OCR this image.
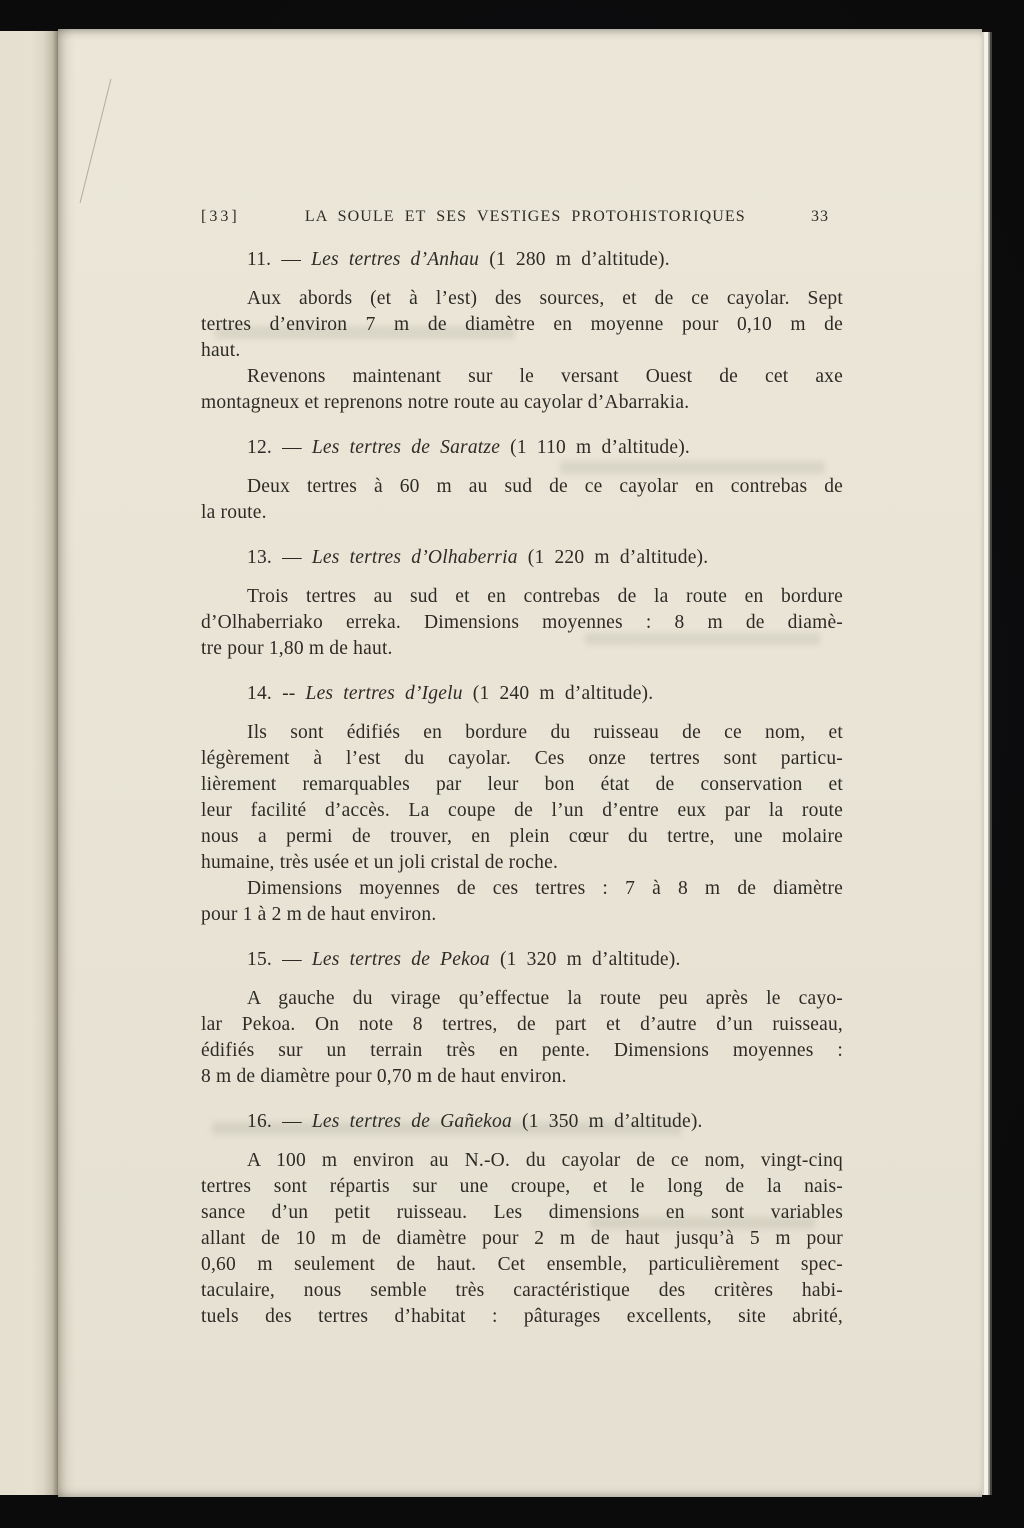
[33]	LA SOULE ET SES VESTIGES PROTOHISTORIQUES	33
11. — Les tertres d’Anhau (1 280 m d’altitude).

Aux abords (et à l’est) des sources, et de ce cayolar. Sept
tertres d’environ 7 m de diamètre en moyenne pour 0,10 m de
haut.

Revenons maintenant sur le versant Ouest de cet axe
montagneux et reprenons notre route au cayolar d’Abarrakia.

12. — Les tertres de Saratze (1 110 m d’altitude).

Deux tertres à 60 m au sud de ce cayolar en contrebas de
la route.

13. — Les tertres d’Olhaberria (1 220 m d’altitude).

Trois tertres au sud et en contrebas de la route en bordure
d’Olhaberriako erreka. Dimensions moyennes : 8 m de diamè-
tre pour 1,80 m de haut.

14. -- Les tertres d’Igelu (1 240 m d’altitude).

Ils sont édifiés en bordure du ruisseau de ce nom, et
légèrement à l’est du cayolar. Ces onze tertres sont particu-
lièrement remarquables par leur bon état de conservation et
leur facilité d’accès. La coupe de l’un d’entre eux par la route
nous a permi de trouver, en plein cœur du tertre, une molaire
humaine, très usée et un joli cristal de roche.

Dimensions moyennes de ces tertres : 7 à 8 m de diamètre
pour 1 à 2 m de haut environ.

15. — Les tertres de Pekoa (1 320 m d’altitude).

A gauche du virage qu’effectue la route peu après le cayo-
lar Pekoa. On note 8 tertres, de part et d’autre d’un ruisseau,
édifiés sur un terrain très en pente. Dimensions moyennes :
8 m de diamètre pour 0,70 m de haut environ.

16. — Les tertres de Gañekoa (1 350 m d’altitude).

A 100 m environ au N.-O. du cayolar de ce nom, vingt-cinq
tertres sont répartis sur une croupe, et le long de la nais-
sance d’un petit ruisseau. Les dimensions en sont variables
allant de 10 m de diamètre pour 2 m de haut jusqu’à 5 m pour
0,60 m seulement de haut. Cet ensemble, particulièrement spec-
taculaire, nous semble très caractéristique des critères habi-
tuels des tertres d’habitat : pâturages excellents, site abrité,
